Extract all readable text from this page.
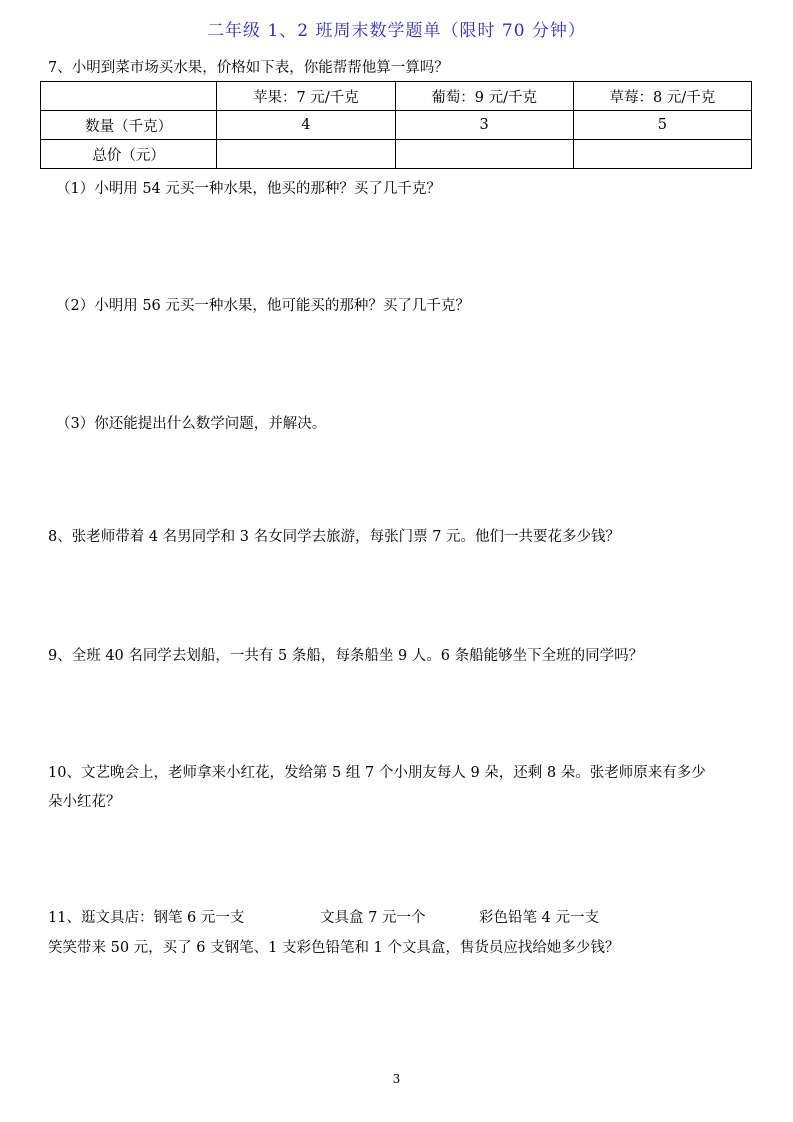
二年级 1、2 班周末数学题单（限时 70 分钟）
7、小明到菜市场买水果，价格如下表，你能帮帮他算一算吗？
	苹果：7 元/千克	葡萄：9 元/千克	草莓：8 元/千克
数量（千克）	4	3	5
总价（元）			
（1）小明用 54 元买一种水果，他买的那种？买了几千克？
（2）小明用 56 元买一种水果，他可能买的那种？买了几千克？
（3）你还能提出什么数学问题，并解决。
8、张老师带着 4 名男同学和 3 名女同学去旅游，每张门票 7 元。他们一共要花多少钱？
9、全班 40 名同学去划船，一共有 5 条船，每条船坐 9 人。6 条船能够坐下全班的同学吗？
10、文艺晚会上，老师拿来小红花，发给第 5 组 7 个小朋友每人 9 朵，还剩 8 朵。张老师原来有多少
朵小红花？
11、逛文具店：钢笔 6 元一支	文具盒 7 元一个	彩色铅笔 4 元一支
笑笑带来 50 元，买了 6 支钢笔、1 支彩色铅笔和 1 个文具盒，售货员应找给她多少钱？
3
